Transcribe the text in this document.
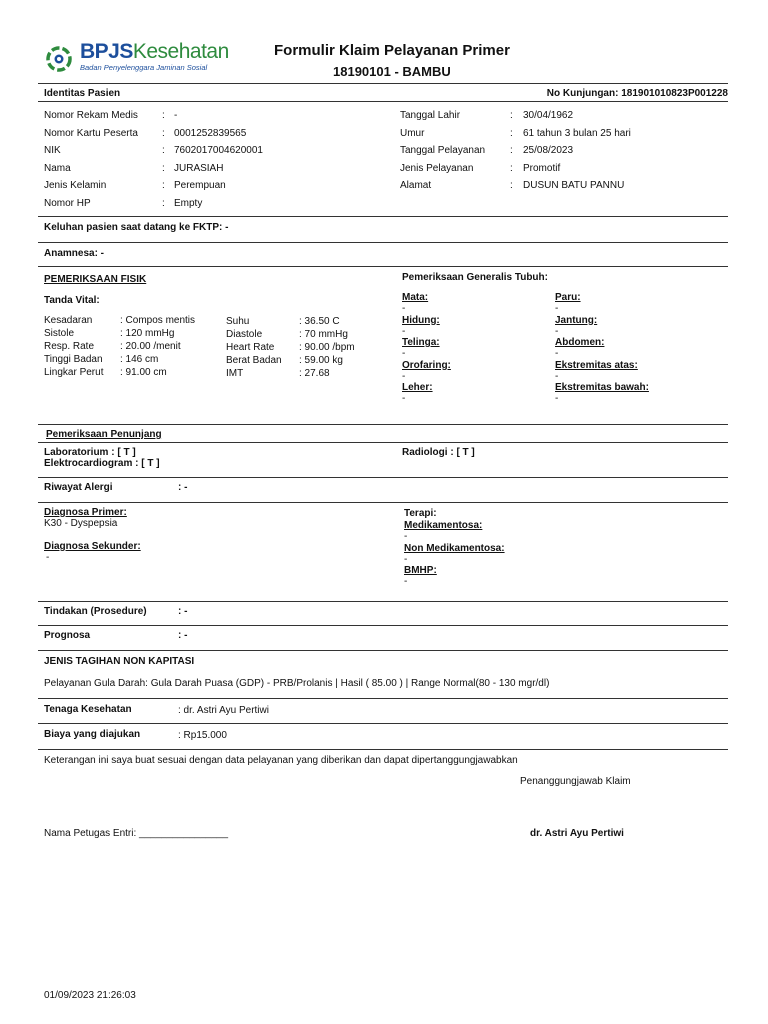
BPJSKesehatan
Badan Penyelenggara Jaminan Sosial
Formulir Klaim Pelayanan Primer
18190101 - BAMBU
Identitas Pasien	No Kunjungan: 181901010823P001228
Nomor Rekam Medis : -
Nomor Kartu Peserta : 0001252839565
NIK	: 7602017004620001
Nama	: JURASIAH
Jenis Kelamin	: Perempuan
Nomor HP	: Empty
Tanggal Lahir	: 30/04/1962
Umur	: 61 tahun 3 bulan 25 hari
Tanggal Pelayanan : 25/08/2023
Jenis Pelayanan	: Promotif
Alamat	: DUSUN BATU PANNU
Keluhan pasien saat datang ke FKTP: -
Anamnesa: -
PEMERIKSAAN FISIK
Tanda Vital:
Kesadaran	: Compos mentis
Sistole	: 120 mmHg
Resp. Rate	: 20.00 /menit
Tinggi Badan : 146 cm
Lingkar Perut : 91.00 cm
Suhu	: 36.50 C
Diastole	: 70 mmHg
Heart Rate : 90.00 /bpm
Berat Badan : 59.00 kg
IMT	: 27.68
Pemeriksaan Generalis Tubuh:
Mata:
-
Hidung:
-
Telinga:
-
Orofaring:
-
Leher:
-
Paru:
-
Jantung:
-
Abdomen:
-
Ekstremitas atas:
-
Ekstremitas bawah:
-
Pemeriksaan Penunjang
Laboratorium : [ T ]
Elektrocardiogram : [ T ]
Radiologi : [ T ]
Riwayat Alergi	: -
Diagnosa Primer:
K30 - Dyspepsia
Diagnosa Sekunder:
-
Terapi:
Medikamentosa:
-
Non Medikamentosa:
-
BMHP:
-
Tindakan (Prosedure)	: -
Prognosa	: -
JENIS TAGIHAN NON KAPITASI
Pelayanan Gula Darah: Gula Darah Puasa (GDP) - PRB/Prolanis | Hasil ( 85.00 ) | Range Normal(80 - 130 mgr/dl)
Tenaga Kesehatan	: dr. Astri Ayu Pertiwi
Biaya yang diajukan	: Rp15.000
Keterangan ini saya buat sesuai dengan data pelayanan yang diberikan dan dapat dipertanggungjawabkan
Penanggungjawab Klaim
Nama Petugas Entri: ________________	dr. Astri Ayu Pertiwi
01/09/2023 21:26:03
